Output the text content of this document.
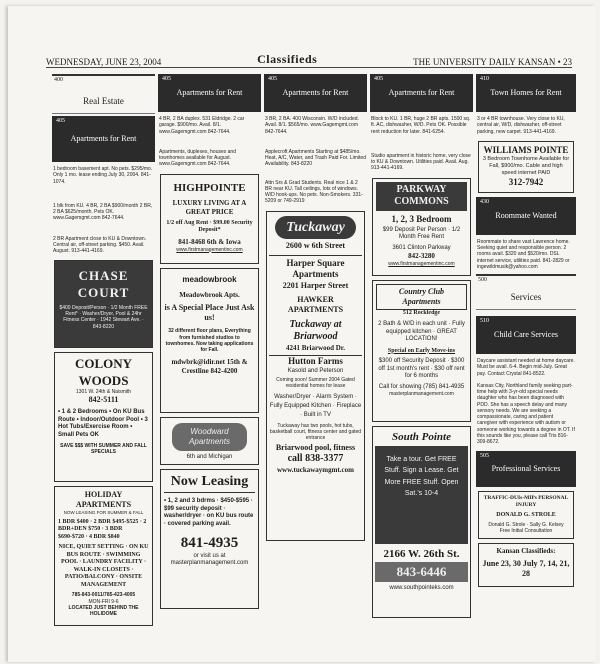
WEDNESDAY, JUNE 23, 2004	Classifieds	THE UNIVERSITY DAILY KANSAN • 23
400
Real Estate
405
Apartments for Rent
1 bedroom basement apt. No pets. $295/mo. Only 1 mo. lease ending July 30, 2004. 841-1074.
1 blk from KU. 4 BR, 2 BA $900/month 2 BR, 2 BA $625/month. Pets OK. www.Gagemgmt.com 842-7644.
2 BR Apartment close to KU & Downtown. Central air, off-street parking. $450. Avail. August. 913-441-4169.
CHASE COURT
$400 Deposit/Person · 1/2 Month FREE Rent* · Washer/Dryer, Pool & 24hr Fitness Center · 1942 Stewart Ave. · 843-8220
COLONY WOODS
1301 W. 24th & Naismith
842-5111
• 1 & 2 Bedrooms • On KU Bus Route • Indoor/Outdoor Pool • 3 Hot Tubs/Exercise Room • Small Pets OK
SAVE $$$ WITH SUMMER AND FALL SPECIALS
HOLIDAY APARTMENTS
NOW LEASING FOR SUMMER & FALL
1 BDR $400 · 2 BDR $495-$525 · 2 BDR+DEN $750 · 3 BDR $690-$720 · 4 BDR $840
NICE, QUIET SETTING · ON KU BUS ROUTE · SWIMMING POOL · LAUNDRY FACILITY · WALK-IN CLOSETS · PATIO/BALCONY · ONSITE MANAGEMENT
785-843-0011/785-423-4005
MON-FRI 9-6
LOCATED JUST BEHIND THE HOLIDOME
405
Apartments for Rent
4 BR, 2 BA duplex. 531 Eldridge. 2 car garage. $900/mo. Avail. 8/1. www.Gagemgmt.com 842-7644.
Apartments, duplexes, houses and townhomes available for August. www.Gagemgmt.com 842-7644.
HIGHPOINTE
LUXURY LIVING AT A GREAT PRICE
1/2 off Aug Rent · $99.00 Security Deposit*
841-8468 6th & Iowa
www.firstmanagementinc.com
meadowbrook
Meadowbrook Apts.
is A Special Place Just Ask us!
32 different floor plans, Everything from furnished studios to townhomes. Now taking applications for Fall.
mdwbrk@idir.net 15th & Crestline 842-4200
Woodward Apartments
6th and Michigan
Now Leasing
• 1, 2 and 3 bdrms · $450-$595 · $99 security deposit · washer/dryer · on KU bus route · covered parking avail.
841-4935
or visit us at masterplanmanagement.com
405
Apartments for Rent
3 BR, 2 BA. 400 Wisconsin. W/D included. Avail. 8/1. $565/mo. www.Gagemgmt.com 842-7644.
Applecroft Apartments Starting at $485/mo. Heat, A/C, Water, and Trash Paid For. Limited Availability. 843-8220
Attn Srs & Grad Students. Real nice 1 & 2 BR near KU. Tall ceilings, lots of windows. W/D hook-ups. No pets. Non-Smokers. 331-5209 or 749-2919
Tuckaway
2600 w 6th Street
Harper Square Apartments
2201 Harper Street
HAWKER APARTMENTS
Tuckaway at Briarwood
4241 Briarwood Dr.
Hutton Farms
Kasold and Peterson
Coming soon! Summer 2004 Gated residential homes for lease
Washer/Dryer · Alarm System · Fully Equipped Kitchen · Fireplace · Built in TV
Tuckaway has two pools, hot tubs, basketball court, fitness center and gated entrance
Briarwood pool, fitness
call 838-3377
www.tuckawaymgmt.com
405
Apartments for Rent
Block to KU. 1 BR, huge 2 BR apts. 1500 sq. ft. AC, dishwasher, W/D. Pets OK. Possible rent reduction for later. 841-6254.
Studio apartment in historic home, very close to KU & Downtown. Utilities paid. Avail. Aug. 913-441-4169.
PARKWAY COMMONS
1, 2, 3 Bedroom
$99 Deposit Per Person · 1/2 Month Free Rent
3601 Clinton Parkway
842-3280
www.firstmanagementinc.com
Country Club Apartments
512 Rockledge
2 Bath & W/D in each unit · Fully equipped kitchen · GREAT LOCATION!
Special on Early Move-ins
$300 off Security Deposit · $300 off 1st month's rent · $30 off rent for 6 months
Call for showing (785) 841-4935
masterplanmanagement.com
South Pointe
Take a tour. Get FREE Stuff. Sign a Lease. Get More FREE Stuff. Open Sat.'s 10-4
2166 W. 26th St.
843-6446
www.southpointeks.com
410
Town Homes for Rent
3 or 4 BR townhouse. Very close to KU, central air, W/D, dishwasher, off-street parking, new carpet. 913-441-4169.
WILLIAMS POINTE
3 Bedroom Townhome Available for Fall, $900/mo. Cable and high speed internet PAID
312-7942
430
Roommate Wanted
Roommate to share vast Lawrence home. Seeking quiet and responsible person. 2 rooms avail. $320 and $520/mo. DSL internet service, utilities paid. 841-2829 or ingewildmusik@yahoo.com
500
Services
510
Child Care Services
Daycare assistant needed at home daycare. Must be avail. 6-4. Begin mid-July. Great pay. Contact Crystal 841-8522.
Kansas City, Northland family seeking part-time help with 3-yr-old special needs daughter who has been diagnosed with PDD. She has a speech delay and many sensory needs. We are seeking a compassionate, caring and patient caregiver with experience with autism or someone working towards a degree in OT. If this sounds like you, please call Tris 816-309-8672.
505
Professional Services
TRAFFIC-DUIs-MIPs PERSONAL INJURY
DONALD G. STROLE
Donald G. Strole · Sally G. Kelsey
Free Initial Consultation
Kansan Classifieds:
June 23, 30 July 7, 14, 21, 28
